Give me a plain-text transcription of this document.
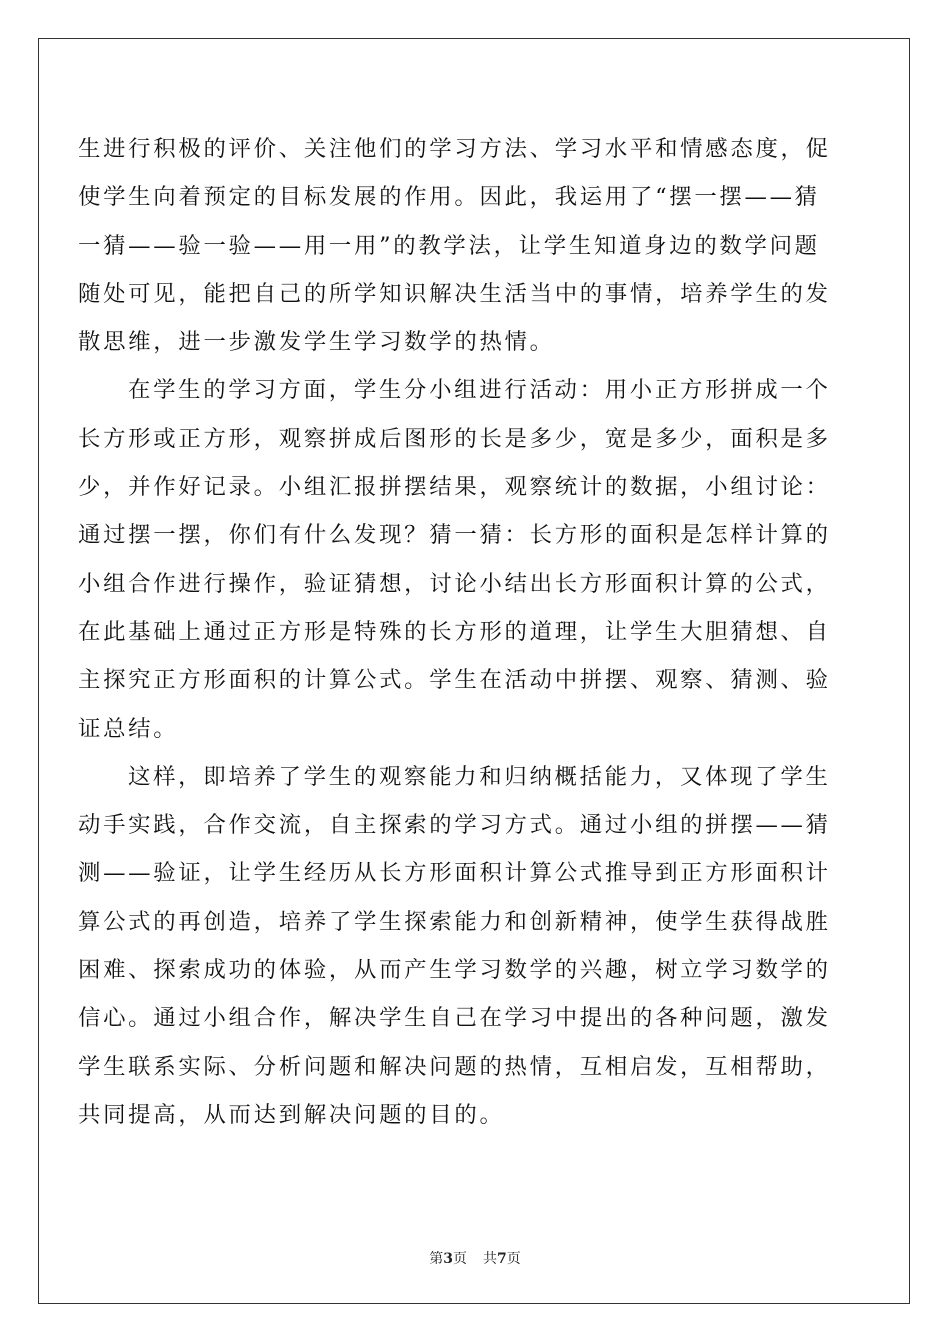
生进行积极的评价、关注他们的学习方法、学习水平和情感态度，促
使学生向着预定的目标发展的作用。因此，我运用了“摆一摆——猜
一猜——验一验——用一用”的教学法，让学生知道身边的数学问题
随处可见，能把自己的所学知识解决生活当中的事情，培养学生的发
散思维，进一步激发学生学习数学的热情。

在学生的学习方面，学生分小组进行活动：用小正方形拼成一个
长方形或正方形，观察拼成后图形的长是多少，宽是多少，面积是多
少，并作好记录。小组汇报拼摆结果，观察统计的数据，小组讨论：
通过摆一摆，你们有什么发现？猜一猜：长方形的面积是怎样计算的
小组合作进行操作，验证猜想，讨论小结出长方形面积计算的公式，
在此基础上通过正方形是特殊的长方形的道理，让学生大胆猜想、自
主探究正方形面积的计算公式。学生在活动中拼摆、观察、猜测、验
证总结。

这样，即培养了学生的观察能力和归纳概括能力，又体现了学生
动手实践，合作交流，自主探索的学习方式。通过小组的拼摆——猜
测——验证，让学生经历从长方形面积计算公式推导到正方形面积计
算公式的再创造，培养了学生探索能力和创新精神，使学生获得战胜
困难、探索成功的体验，从而产生学习数学的兴趣，树立学习数学的
信心。通过小组合作，解决学生自己在学习中提出的各种问题，激发
学生联系实际、分析问题和解决问题的热情，互相启发，互相帮助，
共同提高，从而达到解决问题的目的。

第3页 共7页
